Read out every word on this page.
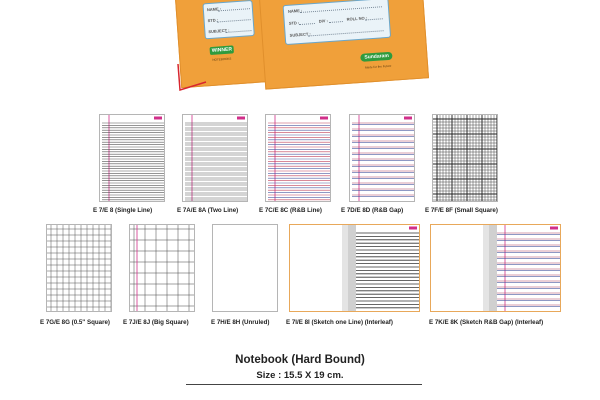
NAME :
STD :
SUBJECT :
WINNER
NOTEBOOKS
NAME :
STD :	DIV :	ROLL NO :
SUBJECT :
Sundaram
Made for the Future
E 7/E 8 (Single Line)	E 7A/E 8A (Two Line)	E 7C/E 8C (R&B Line)	E 7D/E 8D (R&B Gap)	E 7F/E 8F (Small Square)
E 7G/E 8G (0.5" Square) E 7J/E 8J (Big Square)	E 7H/E 8H (Unruled)	E 7I/E 8I (Sketch one Line) (Interleaf)	E 7K/E 8K (Sketch R&B Gap) (Interleaf)
Notebook (Hard Bound)
Size : 15.5 X 19 cm.
